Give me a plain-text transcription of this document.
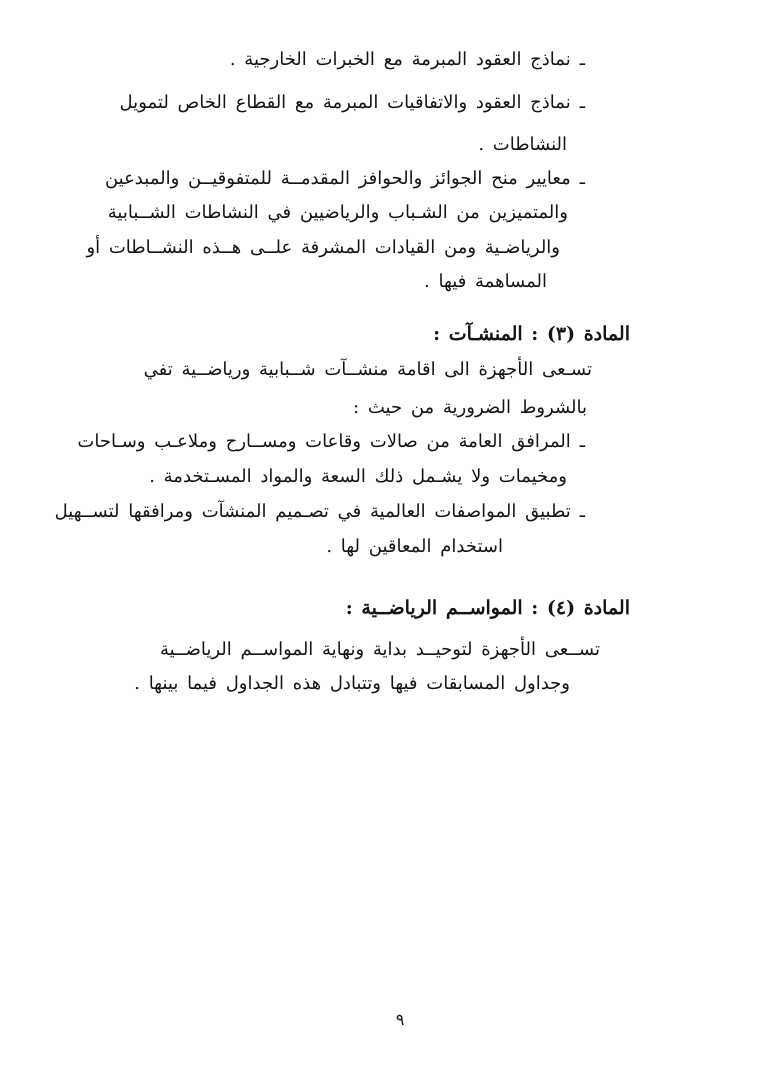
ـنماذج العقود المبرمة مع الخبرات الخارجية .
ـنماذج العقود والاتفاقيات المبرمة مع القطاع الخاص لتمويل
النشاطات .
ـمعايير منح الجوائز والحوافز المقدمــة للمتفوقيــن والمبدعين
والمتميزين من الشـباب والرياضيين في النشاطات الشــبابية
والرياضـية ومن القيادات المشرفة علــى هــذه النشــاطات أو
المساهمة فيها .
المادة (٣) : المنشـآت :
تسـعى الأجهزة الى اقامة منشــآت شــبابية ورياضــية تفي
بالشروط الضرورية من حيث :
ـالمرافق العامة من صالات وقاعات ومســارح وملاعـب وسـاحات
ومخيمات ولا يشـمل ذلك السعة والمواد المسـتخدمة .
ـتطبيق المواصفات العالمية في تصـميم المنشآت ومرافقها لتســهيل
استخدام المعاقين لها .
المادة (٤) : المواســم الرياضــية :
تســعى الأجهزة لتوحيــد بداية ونهاية المواســم الرياضــية
وجداول المسابقات فيها وتتبادل هذه الجداول فيما بينها .
٩
